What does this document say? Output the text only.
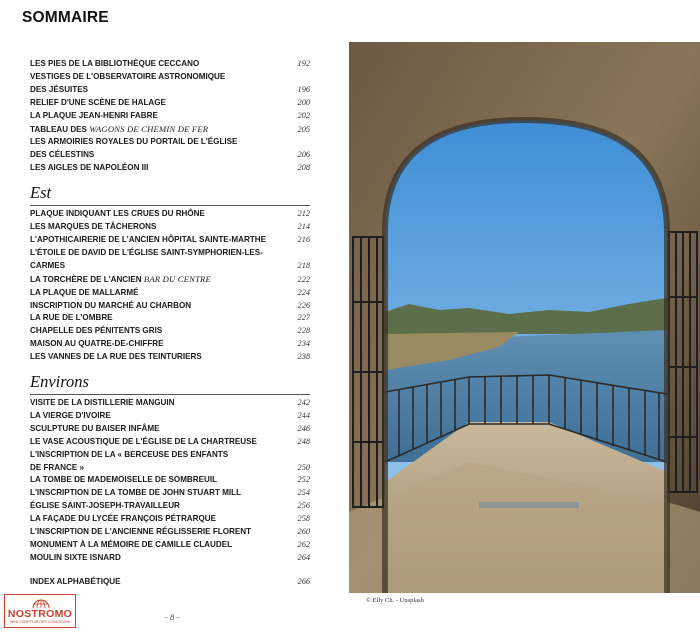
SOMMAIRE
LES PIES DE LA BIBLIOTHÈQUE CECCANO	192
VESTIGES DE L'OBSERVATOIRE ASTRONOMIQUE
DES JÉSUITES	196
RELIEF D'UNE SCÈNE DE HALAGE	200
LA PLAQUE JEAN-HENRI FABRE	202
TABLEAU DES WAGONS DE CHEMIN DE FER	205
LES ARMOIRIES ROYALES DU PORTAIL DE L'ÉGLISE
DES CÉLESTINS	206
LES AIGLES DE NAPOLÉON III	208
Est
PLAQUE INDIQUANT LES CRUES DU RHÔNE	212
LES MARQUES DE TÂCHERONS	214
L'APOTHICAIRERIE DE L'ANCIEN HÔPITAL SAINTE-MARTHE	216
L'ÉTOILE DE DAVID DE L'ÉGLISE SAINT-SYMPHORIEN-LES-
CARMES	218
LA TORCHÈRE DE L'ANCIEN BAR DU CENTRE	222
LA PLAQUE DE MALLARMÉ	224
INSCRIPTION DU MARCHÉ AU CHARBON	226
LA RUE DE L'OMBRE	227
CHAPELLE DES PÉNITENTS GRIS	228
MAISON AU QUATRE-DE-CHIFFRE	234
LES VANNES DE LA RUE DES TEINTURIERS	238
Environs
VISITE DE LA DISTILLERIE MANGUIN	242
LA VIERGE D'IVOIRE	244
SCULPTURE DU BAISER INFÂME	246
LE VASE ACOUSTIQUE DE L'ÉGLISE DE LA CHARTREUSE	248
L'INSCRIPTION DE LA « BERCEUSE DES ENFANTS
DE FRANCE »	250
LA TOMBE DE MADEMOISELLE DE SOMBREUIL	252
L'INSCRIPTION DE LA TOMBE DE JOHN STUART MILL	254
ÉGLISE SAINT-JOSEPH-TRAVAILLEUR	256
LA FAÇADE DU LYCÉE FRANÇOIS PÉTRARQUE	258
L'INSCRIPTION DE L'ANCIENNE RÉGLISSERIE FLORENT	260
MONUMENT À LA MÉMOIRE DE CAMILLE CLAUDEL	262
MOULIN SIXTE ISNARD	264
INDEX ALPHABÉTIQUE	266
© Elly Ch. - Unsplash
- 8 -
NOSTROMO
WEB COMPTOIR DES VOYAGEURS
